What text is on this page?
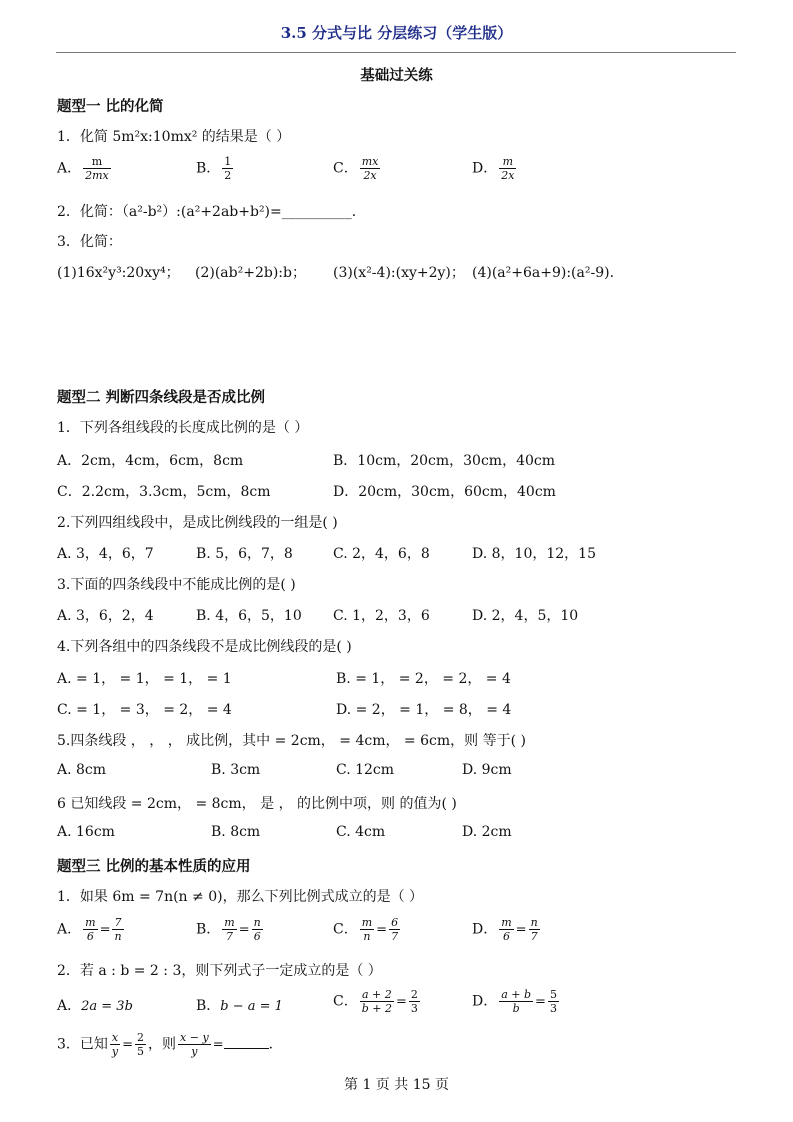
3.5 分式与比 分层练习（学生版）
基础过关练
题型一 比的化简
1．化简 5m²x:10mx² 的结果是（ ）
A． $\frac{m}{2mx}$	B． $\frac{1}{2}$	C． $\frac{mx}{2x}$	D． $\frac{m}{2x}$
2．化简：（a²-b²）:(a²+2ab+b²)=__________．
3．化简：
(1)16x²y³:20xy⁴； (2)(ab²+2b):b； (3)(x²-4):(xy+2y)； (4)(a²+6a+9):(a²-9)．
题型二 判断四条线段是否成比例
1．下列各组线段的长度成比例的是（ ）
A．2cm，4cm，6cm，8cm	B．10cm，20cm，30cm，40cm
C．2.2cm，3.3cm，5cm，8cm	D．20cm，30cm，60cm，40cm
2.下列四组线段中，是成比例线段的一组是( )
A. 3，4，6，7	B. 5，6，7，8	C. 2，4，6，8	D. 8，10，12，15
3.下面的四条线段中不能成比例的是( )
A. 3，6，2，4	B. 4，6，5，10 C. 1，2，3，6	D. 2，4，5，10
4.下列各组中的四条线段不是成比例线段的是( )
A. = 1， = 1， = 1， = 1	B. = 1， = 2， = 2， = 4
C. = 1， = 3， = 2， = 4	D. = 2， = 1， = 8， = 4
5.四条线段 ， ， ， 成比例，其中 = 2cm， = 4cm， = 6cm，则 等于( )
A. 8cm	B. 3cm	C. 12cm	D. 9cm
6 已知线段 = 2cm， = 8cm， 是 ， 的比例中项，则 的值为( )
A. 16cm	B. 8cm	C. 4cm	D. 2cm
题型三 比例的基本性质的应用
1．如果 6m = 7n(n ≠ 0)，那么下列比例式成立的是（ ）
A． $\frac{m}{6} = \frac{7}{n}$	B． $\frac{m}{7} = \frac{n}{6}$	C． $\frac{m}{n} = \frac{6}{7}$	D． $\frac{m}{6} = \frac{n}{7}$
2．若 a : b = 2 : 3，则下列式子一定成立的是（ ）
A．2a = 3b	B．b − a = 1	C． $\frac{a + 2}{b + 2} = \frac{2}{3}$	D． $\frac{a + b}{b} = \frac{5}{3}$
3．已知 $\frac{x}{y} = \frac{2}{5}$ ，则 $\frac{x - y}{y}$ =	．
第 1 页 共 15 页
